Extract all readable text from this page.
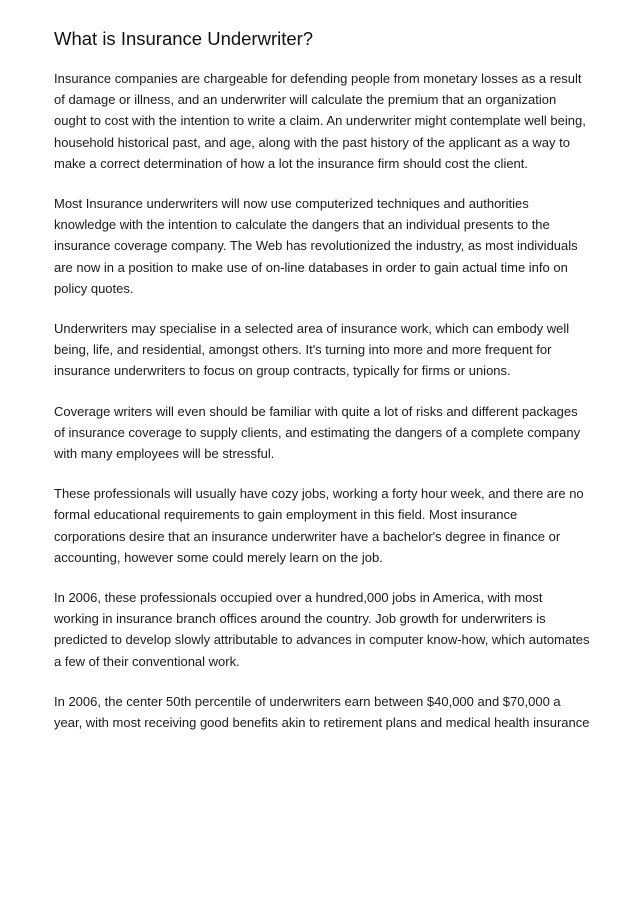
What is Insurance Underwriter?

Insurance companies are chargeable for defending people from monetary losses as a result
of damage or illness, and an underwriter will calculate the premium that an organization
ought to cost with the intention to write a claim. An underwriter might contemplate well being,
household historical past, and age, along with the past history of the applicant as a way to
make a correct determination of how a lot the insurance firm should cost the client.

Most Insurance underwriters will now use computerized techniques and authorities
knowledge with the intention to calculate the dangers that an individual presents to the
insurance coverage company. The Web has revolutionized the industry, as most individuals
are now in a position to make use of on-line databases in order to gain actual time info on
policy quotes.

Underwriters may specialise in a selected area of insurance work, which can embody well
being, life, and residential, amongst others. It's turning into more and more frequent for
insurance underwriters to focus on group contracts, typically for firms or unions.

Coverage writers will even should be familiar with quite a lot of risks and different packages
of insurance coverage to supply clients, and estimating the dangers of a complete company
with many employees will be stressful.

These professionals will usually have cozy jobs, working a forty hour week, and there are no
formal educational requirements to gain employment in this field. Most insurance
corporations desire that an insurance underwriter have a bachelor's degree in finance or
accounting, however some could merely learn on the job.

In 2006, these professionals occupied over a hundred,000 jobs in America, with most
working in insurance branch offices around the country. Job growth for underwriters is
predicted to develop slowly attributable to advances in computer know-how, which automates
a few of their conventional work.

In 2006, the center 50th percentile of underwriters earn between $40,000 and $70,000 a
year, with most receiving good benefits akin to retirement plans and medical health insurance
